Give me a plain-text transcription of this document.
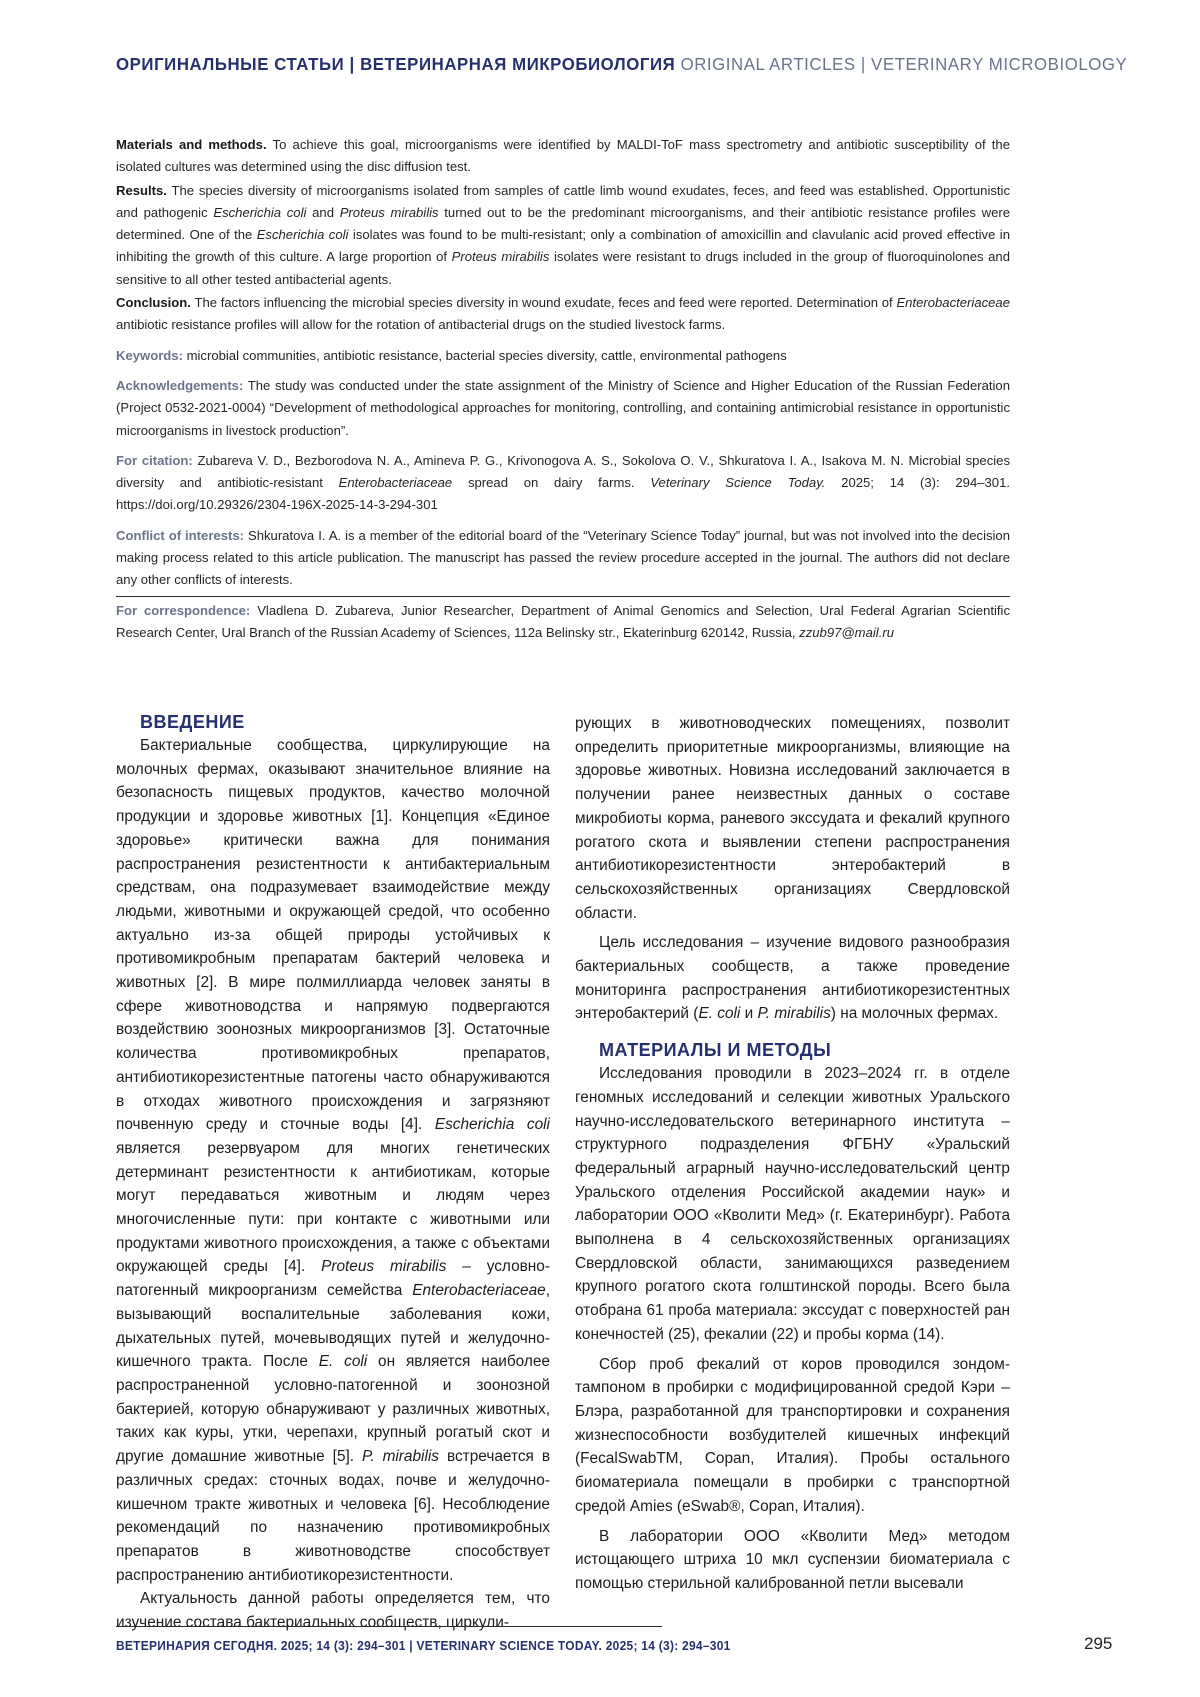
ОРИГИНАЛЬНЫЕ СТАТЬИ | ВЕТЕРИНАРНАЯ МИКРОБИОЛОГИЯ ORIGINAL ARTICLES | VETERINARY MICROBIOLOGY

Materials and methods. To achieve this goal, microorganisms were identified by MALDI-ToF mass spectrometry and antibiotic susceptibility of the isolated cultures was determined using the disc diffusion test.

Results. The species diversity of microorganisms isolated from samples of cattle limb wound exudates, feces, and feed was established. Opportunistic and pathogenic Escherichia coli and Proteus mirabilis turned out to be the predominant microorganisms, and their antibiotic resistance profiles were determined. One of the Escherichia coli isolates was found to be multi-resistant; only a combination of amoxicillin and clavulanic acid proved effective in inhibiting the growth of this culture. A large proportion of Proteus mirabilis isolates were resistant to drugs included in the group of fluoroquinolones and sensitive to all other tested antibacterial agents.

Conclusion. The factors influencing the microbial species diversity in wound exudate, feces and feed were reported. Determination of Enterobacteriaceae antibiotic resistance profiles will allow for the rotation of antibacterial drugs on the studied livestock farms.

Keywords: microbial communities, antibiotic resistance, bacterial species diversity, cattle, environmental pathogens

Acknowledgements: The study was conducted under the state assignment of the Ministry of Science and Higher Education of the Russian Federation (Project 0532-2021-0004) “Development of methodological approaches for monitoring, controlling, and containing antimicrobial resistance in opportunistic microorganisms in livestock production”.

For citation: Zubareva V. D., Bezborodova N. A., Amineva P. G., Krivonogova A. S., Sokolova O. V., Shkuratova I. A., Isakova M. N. Microbial species diversity and antibiotic-resistant Enterobacteriaceae spread on dairy farms. Veterinary Science Today. 2025; 14 (3): 294–301. https://doi.org/10.29326/2304-196X-2025-14-3-294-301

Conflict of interests: Shkuratova I. A. is a member of the editorial board of the “Veterinary Science Today” journal, but was not involved into the decision making process related to this article publication. The manuscript has passed the review procedure accepted in the journal. The authors did not declare any other conflicts of interests.

For correspondence: Vladlena D. Zubareva, Junior Researcher, Department of Animal Genomics and Selection, Ural Federal Agrarian Scientific Research Center, Ural Branch of the Russian Academy of Sciences, 112a Belinsky str., Ekaterinburg 620142, Russia, zzub97@mail.ru

ВВЕДЕНИЕ

Бактериальные сообщества, циркулирующие на молочных фермах, оказывают значительное влияние на безопасность пищевых продуктов, качество молочной продукции и здоровье животных [1]. Концепция «Единое здоровье» критически важна для понимания распространения резистентности к антибактериальным средствам, она подразумевает взаимодействие между людьми, животными и окружающей средой, что особенно актуально из-за общей природы устойчивых к противомикробным препаратам бактерий человека и животных [2]. В мире полмиллиарда человек заняты в сфере животноводства и напрямую подвергаются воздействию зоонозных микроорганизмов [3]. Остаточные количества противомикробных препаратов, антибиотикорезистентные патогены часто обнаруживаются в отходах животного происхождения и загрязняют почвенную среду и сточные воды [4]. Escherichia coli является резервуаром для многих генетических детерминант резистентности к антибиотикам, которые могут передаваться животным и людям через многочисленные пути: при контакте с животными или продуктами животного происхождения, а также с объектами окружающей среды [4]. Proteus mirabilis – условно-патогенный микроорганизм семейства Enterobacteriaceae, вызывающий воспалительные заболевания кожи, дыхательных путей, мочевыводящих путей и желудочно-кишечного тракта. После E. coli он является наиболее распространенной условно-патогенной и зоонозной бактерией, которую обнаруживают у различных животных, таких как куры, утки, черепахи, крупный рогатый скот и другие домашние животные [5]. P. mirabilis встречается в различных средах: сточных водах, почве и желудочно-кишечном тракте животных и человека [6]. Несоблюдение рекомендаций по назначению противомикробных препаратов в животноводстве способствует распространению антибиотикорезистентности.

Актуальность данной работы определяется тем, что изучение состава бактериальных сообществ, циркули-

рующих в животноводческих помещениях, позволит определить приоритетные микроорганизмы, влияющие на здоровье животных. Новизна исследований заключается в получении ранее неизвестных данных о составе микробиоты корма, раневого экссудата и фекалий крупного рогатого скота и выявлении степени распространения антибиотикорезистентности энтеробактерий в сельскохозяйственных организациях Свердловской области.

Цель исследования – изучение видового разнообразия бактериальных сообществ, а также проведение мониторинга распространения антибиотикорезистентных энтеробактерий (E. coli и P. mirabilis) на молочных фермах.

МАТЕРИАЛЫ И МЕТОДЫ

Исследования проводили в 2023–2024 гг. в отделе геномных исследований и селекции животных Уральского научно-исследовательского ветеринарного института – структурного подразделения ФГБНУ «Уральский федеральный аграрный научно-исследовательский центр Уральского отделения Российской академии наук» и лаборатории ООО «Кволити Мед» (г. Екатеринбург). Работа выполнена в 4 сельскохозяйственных организациях Свердловской области, занимающихся разведением крупного рогатого скота голштинской породы. Всего была отобрана 61 проба материала: экссудат с поверхностей ран конечностей (25), фекалии (22) и пробы корма (14).

Сбор проб фекалий от коров проводился зондом-тампоном в пробирки с модифицированной средой Кэри – Блэра, разработанной для транспортировки и сохранения жизнеспособности возбудителей кишечных инфекций (FecalSwabTM, Copan, Италия). Пробы остального биоматериала помещали в пробирки с транспортной средой Amies (eSwab®, Copan, Италия).

В лаборатории ООО «Кволити Мед» методом истощающего штриха 10 мкл суспензии биоматериала с помощью стерильной калиброванной петли высевали

ВЕТЕРИНАРИЯ СЕГОДНЯ. 2025; 14 (3): 294–301 | VETERINARY SCIENCE TODAY. 2025; 14 (3): 294–301	295
